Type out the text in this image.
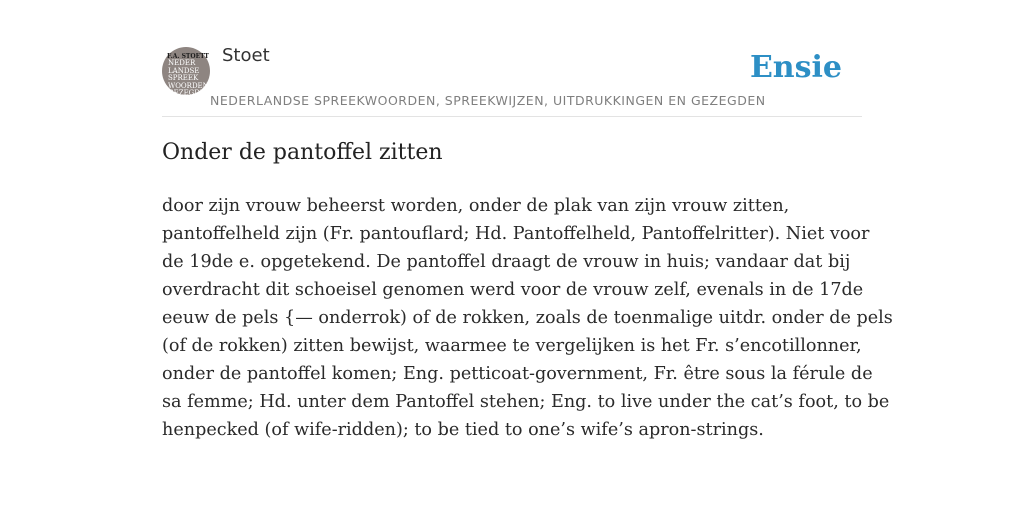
F.A. STOETT
NEDER
LANDSE
SPREEK
WOORDEN EN
GEZEGDEN
Stoet	Ensie
NEDERLANDSE SPREEKWOORDEN, SPREEKWIJZEN, UITDRUKKINGEN EN GEZEGDEN
Onder de pantoffel zitten
door zijn vrouw beheerst worden, onder de plak van zijn vrouw zitten,
pantoffelheld zijn (Fr. pantouflard; Hd. Pantoffelheld, Pantoffelritter). Niet voor
de 19de e. opgetekend. De pantoffel draagt de vrouw in huis; vandaar dat bij
overdracht dit schoeisel genomen werd voor de vrouw zelf, evenals in de 17de
eeuw de pels {— onderrok) of de rokken, zoals de toenmalige uitdr. onder de pels
(of de rokken) zitten bewijst, waarmee te vergelijken is het Fr. s’encotillonner,
onder de pantoffel komen; Eng. petticoat-government, Fr. être sous la férule de
sa femme; Hd. unter dem Pantoffel stehen; Eng. to live under the cat’s foot, to be
henpecked (of wife-ridden); to be tied to one’s wife’s apron-strings.
